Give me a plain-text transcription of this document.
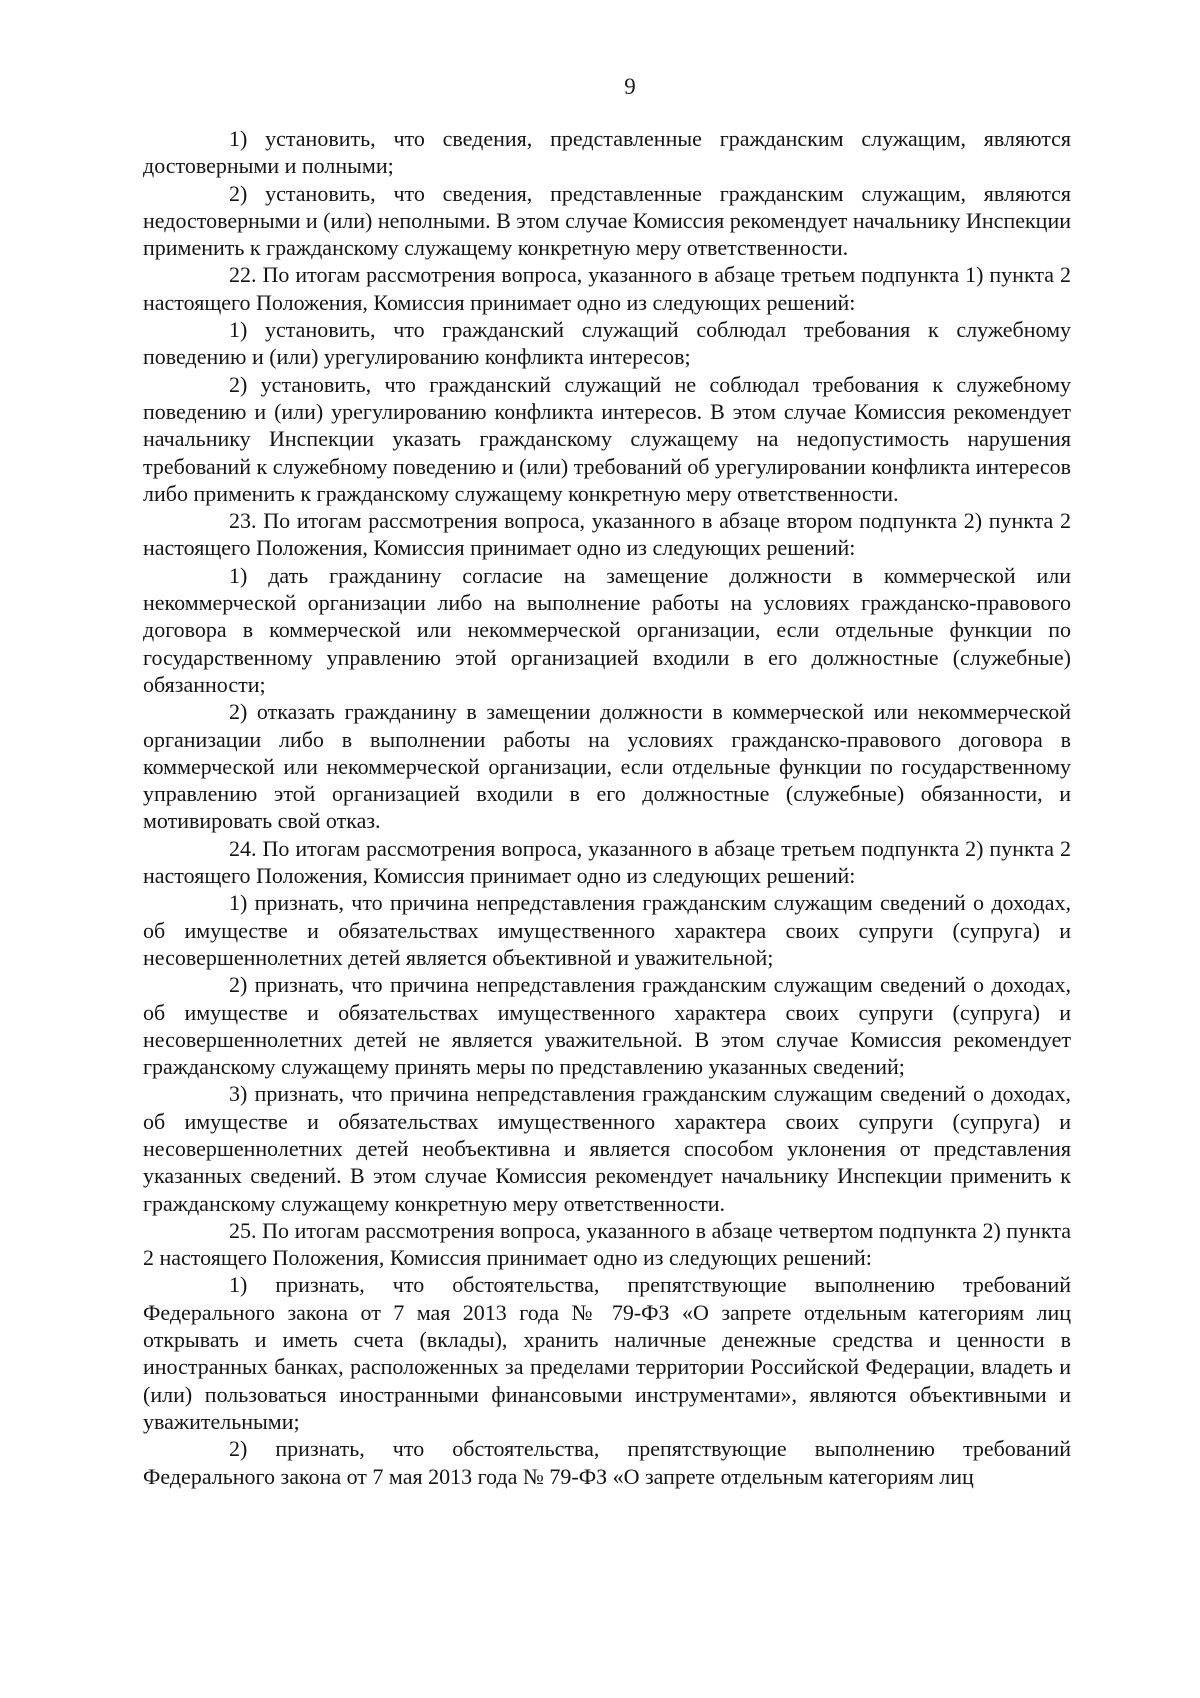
9

1) установить, что сведения, представленные гражданским служащим, являются достоверными и полными;

2) установить, что сведения, представленные гражданским служащим, являются недостоверными и (или) неполными. В этом случае Комиссия рекомендует начальнику Инспекции применить к гражданскому служащему конкретную меру ответственности.

22. По итогам рассмотрения вопроса, указанного в абзаце третьем подпункта 1) пункта 2 настоящего Положения, Комиссия принимает одно из следующих решений:

1) установить, что гражданский служащий соблюдал требования к служебному поведению и (или) урегулированию конфликта интересов;

2) установить, что гражданский служащий не соблюдал требования к служебному поведению и (или) урегулированию конфликта интересов. В этом случае Комиссия рекомендует начальнику Инспекции указать гражданскому служащему на недопустимость нарушения требований к служебному поведению и (или) требований об урегулировании конфликта интересов либо применить к гражданскому служащему конкретную меру ответственности.

23. По итогам рассмотрения вопроса, указанного в абзаце втором подпункта 2) пункта 2 настоящего Положения, Комиссия принимает одно из следующих решений:

1) дать гражданину согласие на замещение должности в коммерческой или некоммерческой организации либо на выполнение работы на условиях гражданско-правового договора в коммерческой или некоммерческой организации, если отдельные функции по государственному управлению этой организацией входили в его должностные (служебные) обязанности;

2) отказать гражданину в замещении должности в коммерческой или некоммерческой организации либо в выполнении работы на условиях гражданско-правового договора в коммерческой или некоммерческой организации, если отдельные функции по государственному управлению этой организацией входили в его должностные (служебные) обязанности, и мотивировать свой отказ.

24. По итогам рассмотрения вопроса, указанного в абзаце третьем подпункта 2) пункта 2 настоящего Положения, Комиссия принимает одно из следующих решений:

1) признать, что причина непредставления гражданским служащим сведений о доходах, об имуществе и обязательствах имущественного характера своих супруги (супруга) и несовершеннолетних детей является объективной и уважительной;

2) признать, что причина непредставления гражданским служащим сведений о доходах, об имуществе и обязательствах имущественного характера своих супруги (супруга) и несовершеннолетних детей не является уважительной. В этом случае Комиссия рекомендует гражданскому служащему принять меры по представлению указанных сведений;

3) признать, что причина непредставления гражданским служащим сведений о доходах, об имуществе и обязательствах имущественного характера своих супруги (супруга) и несовершеннолетних детей необъективна и является способом уклонения от представления указанных сведений. В этом случае Комиссия рекомендует начальнику Инспекции применить к гражданскому служащему конкретную меру ответственности.

25. По итогам рассмотрения вопроса, указанного в абзаце четвертом подпункта 2) пункта 2 настоящего Положения, Комиссия принимает одно из следующих решений:

1) признать, что обстоятельства, препятствующие выполнению требований Федерального закона от 7 мая 2013 года № 79-ФЗ «О запрете отдельным категориям лиц открывать и иметь счета (вклады), хранить наличные денежные средства и ценности в иностранных банках, расположенных за пределами территории Российской Федерации, владеть и (или) пользоваться иностранными финансовыми инструментами», являются объективными и уважительными;

2) признать, что обстоятельства, препятствующие выполнению требований Федерального закона от 7 мая 2013 года № 79-ФЗ «О запрете отдельным категориям лиц
